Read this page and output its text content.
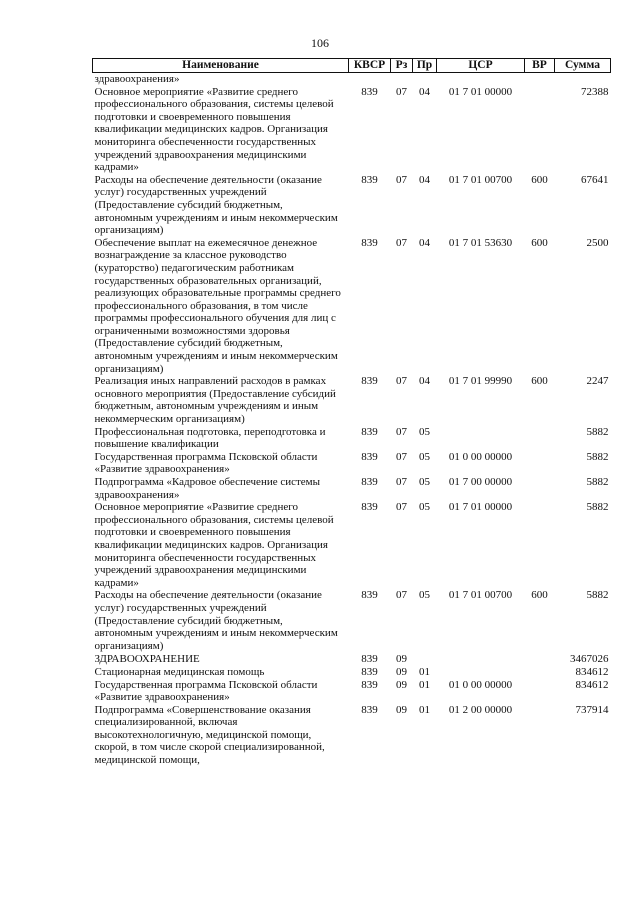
106
Наименование	КВСР	Рз	Пр	ЦСР	ВР	Сумма
здравоохранения»						
Основное мероприятие «Развитие среднего профессионального образования, системы целевой подготовки и своевременного повышения квалификации медицинских кадров. Организация мониторинга обеспеченности государственных учреждений здравоохранения медицинскими кадрами»	839	07	04	01 7 01 00000		72388
Расходы на обеспечение деятельности (оказание услуг) государственных учреждений (Предоставление субсидий бюджетным, автономным учреждениям и иным некоммерческим организациям)	839	07	04	01 7 01 00700	600	67641
Обеспечение выплат на ежемесячное денежное вознаграждение за классное руководство (кураторство) педагогическим работникам государственных образовательных организаций, реализующих образовательные программы среднего профессионального образования, в том числе программы профессионального обучения для лиц с ограниченными возможностями здоровья (Предоставление субсидий бюджетным, автономным учреждениям и иным некоммерческим организациям)	839	07	04	01 7 01 53630	600	2500
Реализация иных направлений расходов в рамках основного мероприятия (Предоставление субсидий бюджетным, автономным учреждениям и иным некоммерческим организациям)	839	07	04	01 7 01 99990	600	2247
Профессиональная подготовка, переподготовка и повышение квалификации	839	07	05			5882
Государственная программа Псковской области «Развитие здравоохранения»	839	07	05	01 0 00 00000		5882
Подпрограмма «Кадровое обеспечение системы здравоохранения»	839	07	05	01 7 00 00000		5882
Основное мероприятие «Развитие среднего профессионального образования, системы целевой подготовки и своевременного повышения квалификации медицинских кадров. Организация мониторинга обеспеченности государственных учреждений здравоохранения медицинскими кадрами»	839	07	05	01 7 01 00000		5882
Расходы на обеспечение деятельности (оказание услуг) государственных учреждений (Предоставление субсидий бюджетным, автономным учреждениям и иным некоммерческим организациям)	839	07	05	01 7 01 00700	600	5882
ЗДРАВООХРАНЕНИЕ	839	09				3467026
Стационарная медицинская помощь	839	09	01			834612
Государственная программа Псковской области «Развитие здравоохранения»	839	09	01	01 0 00 00000		834612
Подпрограмма «Совершенствование оказания специализированной, включая высокотехнологичную, медицинской помощи, скорой, в том числе скорой специализированной, медицинской помощи,	839	09	01	01 2 00 00000		737914
